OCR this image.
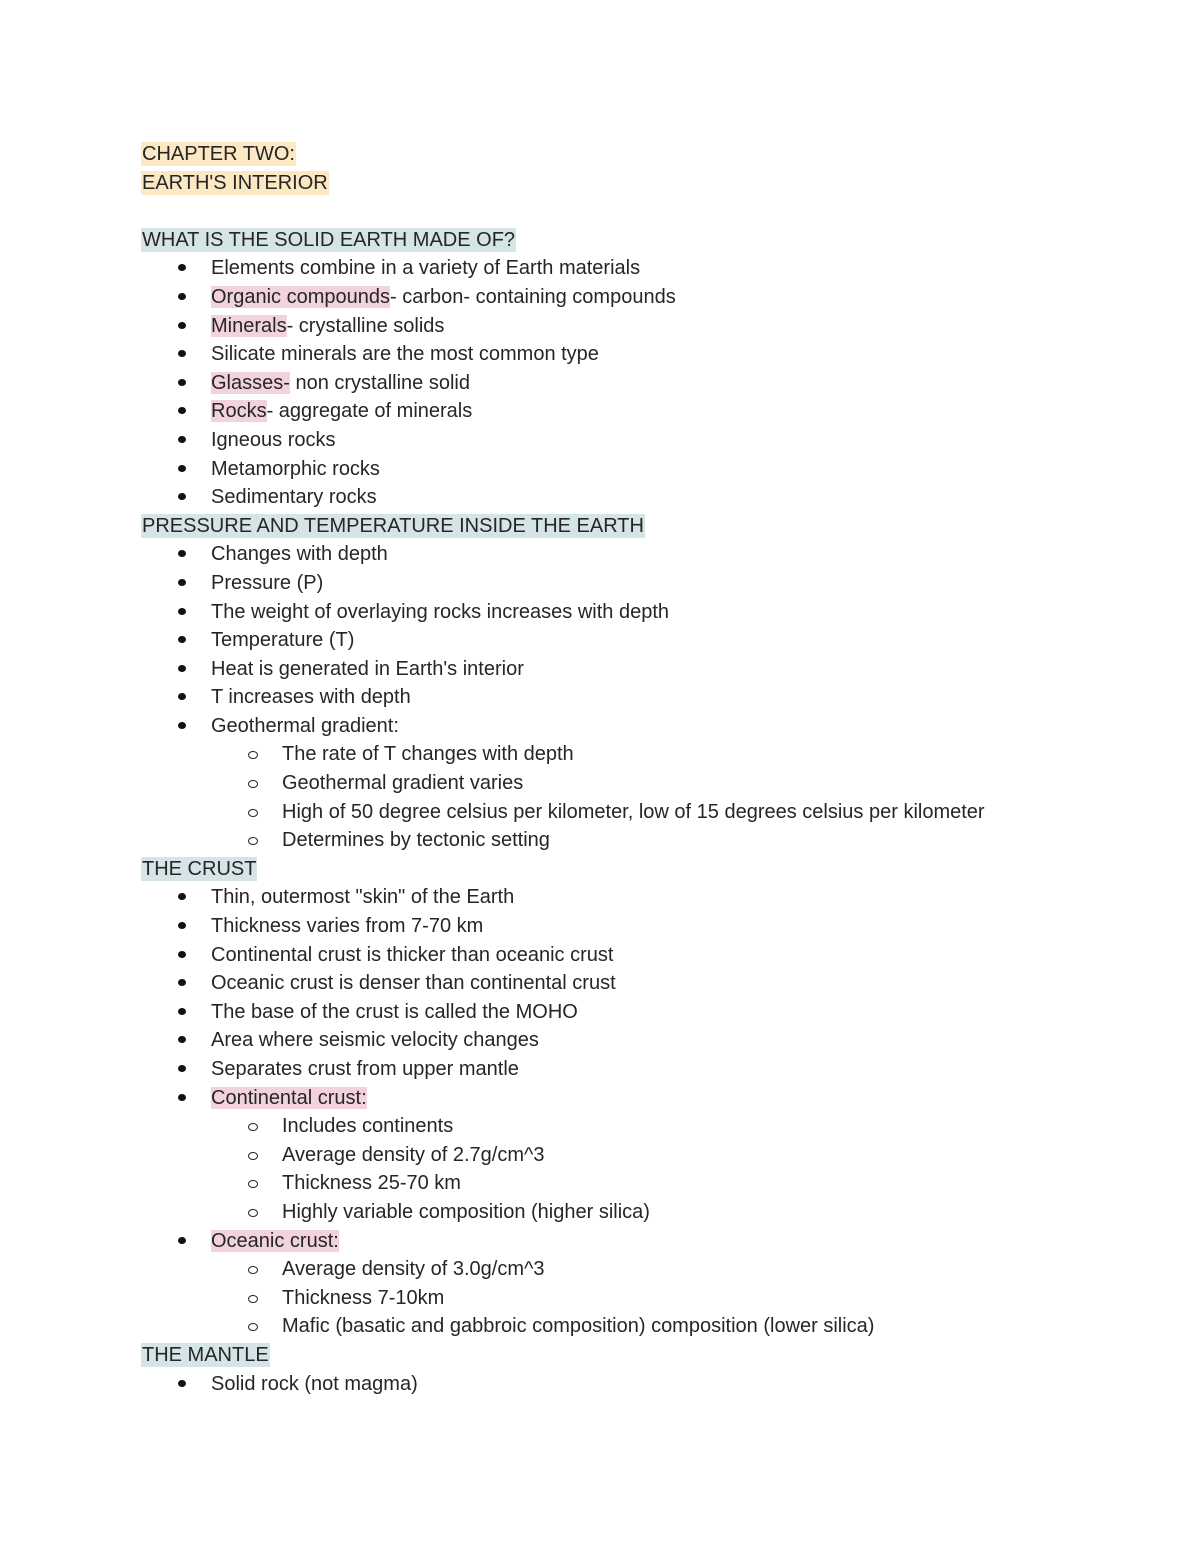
CHAPTER TWO:
EARTH'S INTERIOR
WHAT IS THE SOLID EARTH MADE OF?
Elements combine in a variety of Earth materials
Organic compounds- carbon- containing compounds
Minerals- crystalline solids
Silicate minerals are the most common type
Glasses- non crystalline solid
Rocks- aggregate of minerals
Igneous rocks
Metamorphic rocks
Sedimentary rocks
PRESSURE AND TEMPERATURE INSIDE THE EARTH
Changes with depth
Pressure (P)
The weight of overlaying rocks increases with depth
Temperature (T)
Heat is generated in Earth's interior
T increases with depth
Geothermal gradient:
The rate of T changes with depth
Geothermal gradient varies
High of 50 degree celsius per kilometer, low of 15 degrees celsius per kilometer
Determines by tectonic setting
THE CRUST
Thin, outermost "skin" of the Earth
Thickness varies from 7-70 km
Continental crust is thicker than oceanic crust
Oceanic crust is denser than continental crust
The base of the crust is called the MOHO
Area where seismic velocity changes
Separates crust from upper mantle
Continental crust:
Includes continents
Average density of 2.7g/cm^3
Thickness 25-70 km
Highly variable composition (higher silica)
Oceanic crust:
Average density of 3.0g/cm^3
Thickness 7-10km
Mafic (basatic and gabbroic composition) composition (lower silica)
THE MANTLE
Solid rock (not magma)
